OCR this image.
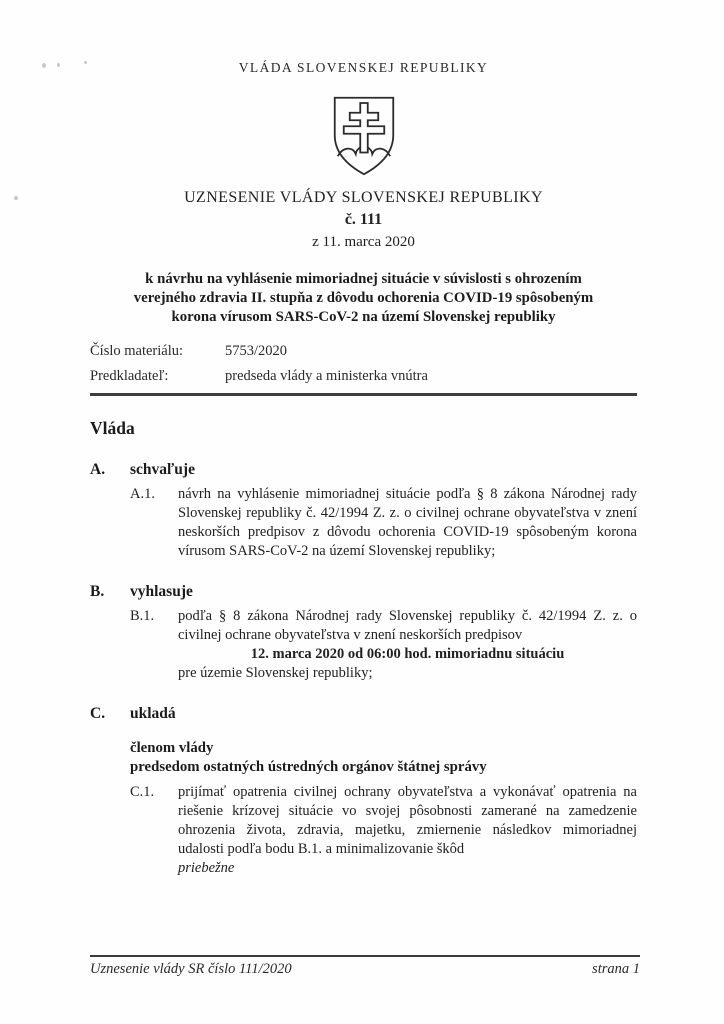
VLÁDA SLOVENSKEJ REPUBLIKY
UZNESENIE VLÁDY SLOVENSKEJ REPUBLIKY
č. 111
z 11. marca 2020
k návrhu na vyhlásenie mimoriadnej situácie v súvislosti s ohrozením
verejného zdravia II. stupňa z dôvodu ochorenia COVID-19 spôsobeným
korona vírusom SARS-CoV-2 na území Slovenskej republiky
Číslo materiálu:	5753/2020
Predkladateľ:	predseda vlády a ministerka vnútra
Vláda
A.	schvaľuje
A.1.	návrh na vyhlásenie mimoriadnej situácie podľa § 8 zákona Národnej rady Slovenskej republiky č. 42/1994 Z. z. o civilnej ochrane obyvateľstva v znení neskorších predpisov z dôvodu ochorenia COVID-19 spôsobeným korona vírusom SARS-CoV-2 na území Slovenskej republiky;
B.	vyhlasuje
B.1.	podľa § 8 zákona Národnej rady Slovenskej republiky č. 42/1994 Z. z. o civilnej ochrane obyvateľstva v znení neskorších predpisov

12. marca 2020 od 06:00 hod. mimoriadnu situáciu

pre územie Slovenskej republiky;

C.	ukladá
členom vlády
predsedom ostatných ústredných orgánov štátnej správy
C.1.	prijímať opatrenia civilnej ochrany obyvateľstva a vykonávať opatrenia na riešenie krízovej situácie vo svojej pôsobnosti zamerané na zamedzenie ohrozenia života, zdravia, majetku, zmiernenie následkov mimoriadnej udalosti podľa bodu B.1. a minimalizovanie škôd

priebežne

Uznesenie vlády SR číslo 111/2020	strana 1
